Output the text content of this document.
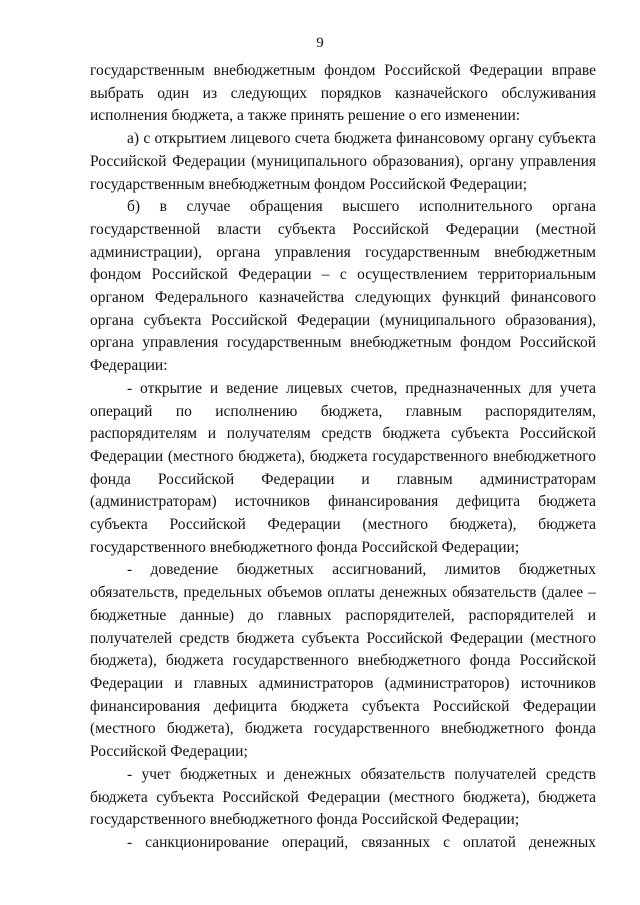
9

государственным внебюджетным фондом Российской Федерации вправе выбрать один из следующих порядков казначейского обслуживания исполнения бюджета, а также принять решение о его изменении:

а) с открытием лицевого счета бюджета финансовому органу субъекта Российской Федерации (муниципального образования), органу управления государственным внебюджетным фондом Российской Федерации;

б) в случае обращения высшего исполнительного органа государственной власти субъекта Российской Федерации (местной администрации), органа управления государственным внебюджетным фондом Российской Федерации – с осуществлением территориальным органом Федерального казначейства следующих функций финансового органа субъекта Российской Федерации (муниципального образования), органа управления государственным внебюджетным фондом Российской Федерации:

- открытие и ведение лицевых счетов, предназначенных для учета операций по исполнению бюджета, главным распорядителям, распорядителям и получателям средств бюджета субъекта Российской Федерации (местного бюджета), бюджета государственного внебюджетного фонда Российской Федерации и главным администраторам (администраторам) источников финансирования дефицита бюджета субъекта Российской Федерации (местного бюджета), бюджета государственного внебюджетного фонда Российской Федерации;

- доведение бюджетных ассигнований, лимитов бюджетных обязательств, предельных объемов оплаты денежных обязательств (далее – бюджетные данные) до главных распорядителей, распорядителей и получателей средств бюджета субъекта Российской Федерации (местного бюджета), бюджета государственного внебюджетного фонда Российской Федерации и главных администраторов (администраторов) источников финансирования дефицита бюджета субъекта Российской Федерации (местного бюджета), бюджета государственного внебюджетного фонда Российской Федерации;

- учет бюджетных и денежных обязательств получателей средств бюджета субъекта Российской Федерации (местного бюджета), бюджета государственного внебюджетного фонда Российской Федерации;

- санкционирование операций, связанных с оплатой денежных
